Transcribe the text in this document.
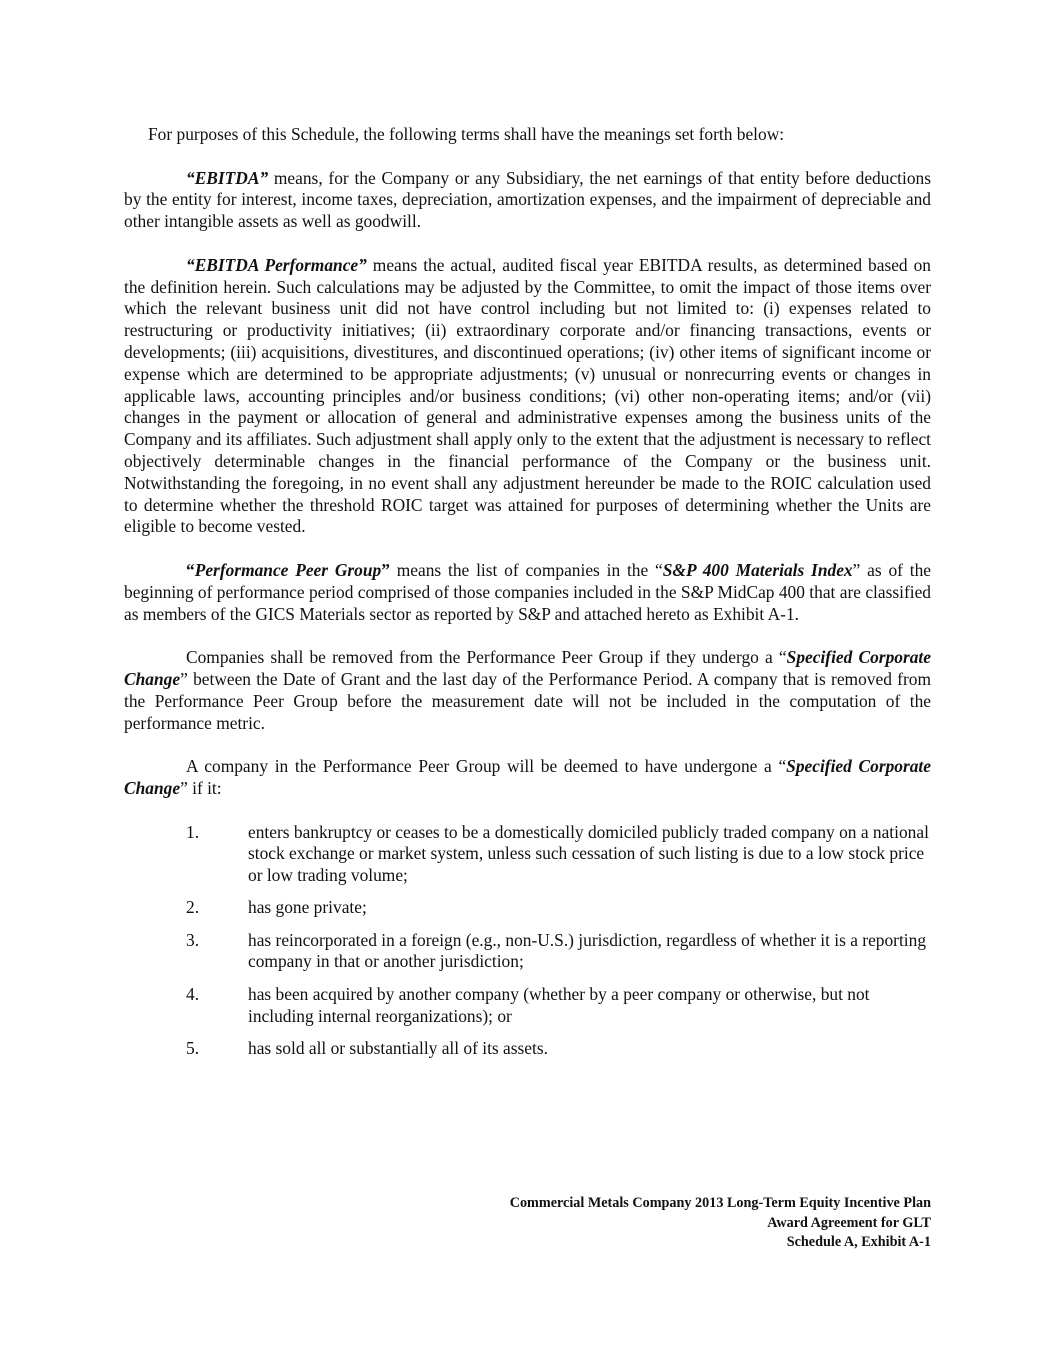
For purposes of this Schedule, the following terms shall have the meanings set forth below:

“EBITDA” means, for the Company or any Subsidiary, the net earnings of that entity before deductions by the entity for interest, income taxes, depreciation, amortization expenses, and the impairment of depreciable and other intangible assets as well as goodwill.

“EBITDA Performance” means the actual, audited fiscal year EBITDA results, as determined based on the definition herein. Such calculations may be adjusted by the Committee, to omit the impact of those items over which the relevant business unit did not have control including but not limited to: (i) expenses related to restructuring or productivity initiatives; (ii) extraordinary corporate and/or financing transactions, events or developments; (iii) acquisitions, divestitures, and discontinued operations; (iv) other items of significant income or expense which are determined to be appropriate adjustments; (v) unusual or nonrecurring events or changes in applicable laws, accounting principles and/or business conditions; (vi) other non-operating items; and/or (vii) changes in the payment or allocation of general and administrative expenses among the business units of the Company and its affiliates. Such adjustment shall apply only to the extent that the adjustment is necessary to reflect objectively determinable changes in the financial performance of the Company or the business unit. Notwithstanding the foregoing, in no event shall any adjustment hereunder be made to the ROIC calculation used to determine whether the threshold ROIC target was attained for purposes of determining whether the Units are eligible to become vested.

“Performance Peer Group” means the list of companies in the “S&P 400 Materials Index” as of the beginning of performance period comprised of those companies included in the S&P MidCap 400 that are classified as members of the GICS Materials sector as reported by S&P and attached hereto as Exhibit A-1.

Companies shall be removed from the Performance Peer Group if they undergo a “Specified Corporate Change” between the Date of Grant and the last day of the Performance Period. A company that is removed from the Performance Peer Group before the measurement date will not be included in the computation of the performance metric.

A company in the Performance Peer Group will be deemed to have undergone a “Specified Corporate Change” if it:

1.	enters bankruptcy or ceases to be a domestically domiciled publicly traded company on a national stock exchange or market system, unless such cessation of such listing is due to a low stock price or low trading volume;
2.	has gone private;
3.	has reincorporated in a foreign (e.g., non-U.S.) jurisdiction, regardless of whether it is a reporting company in that or another jurisdiction;
4.	has been acquired by another company (whether by a peer company or otherwise, but not including internal reorganizations); or
5.	has sold all or substantially all of its assets.
Commercial Metals Company 2013 Long-Term Equity Incentive Plan
Award Agreement for GLT
Schedule A, Exhibit A-1
